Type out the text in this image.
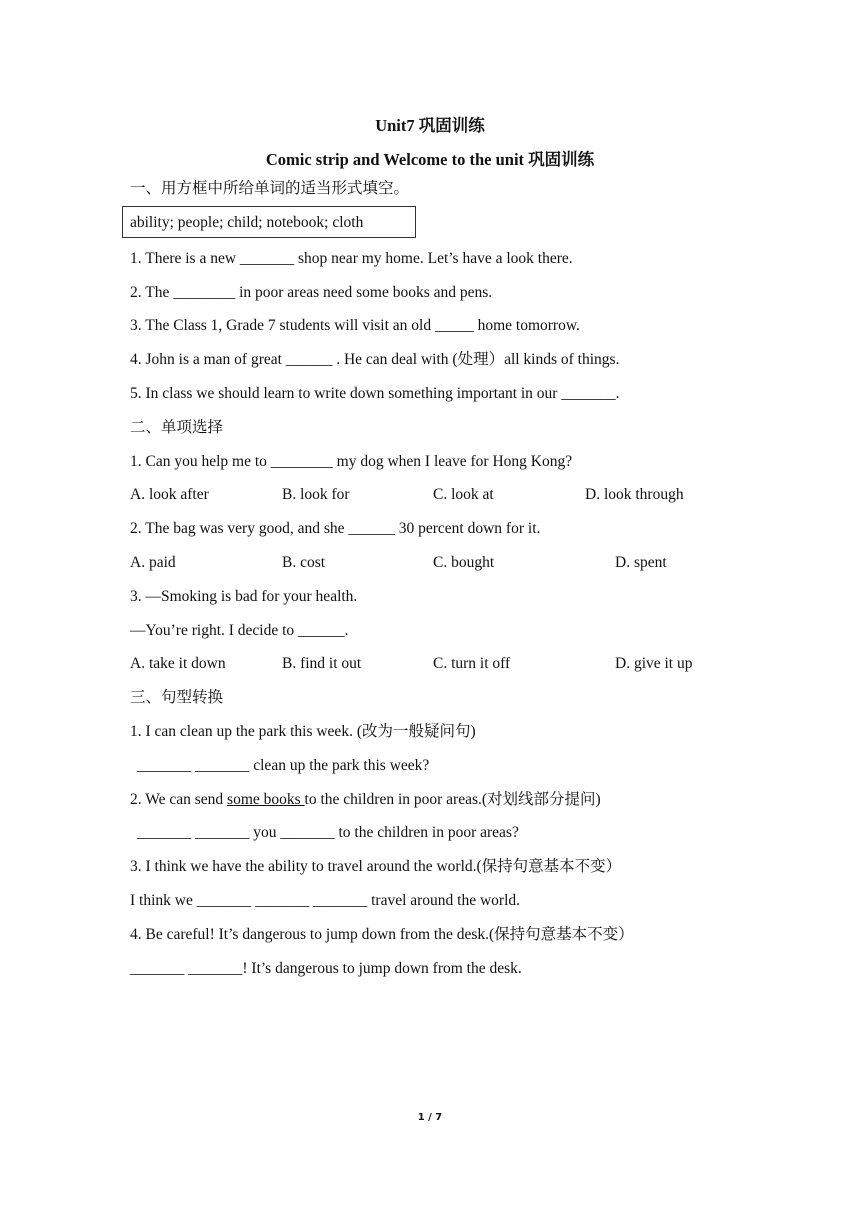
Unit7 巩固训练
Comic strip and Welcome to the unit 巩固训练
一、用方框中所给单词的适当形式填空。
ability; people; child; notebook; cloth
1. There is a new _______ shop near my home. Let’s have a look there.
2. The ________ in poor areas need some books and pens.
3. The Class 1, Grade 7 students will visit an old _____ home tomorrow.
4. John is a man of great ______ . He can deal with (处理）all kinds of things.
5. In class we should learn to write down something important in our _______.
二、单项选择
1. Can you help me to ________ my dog when I leave for Hong Kong?
A. look after	B. look for	C. look at	D. look through
2. The bag was very good, and she ______ 30 percent down for it.
A. paid	B. cost	C. bought	D. spent
3. —Smoking is bad for your health.
—You’re right. I decide to ______.
A. take it down	B. find it out	C. turn it off	D. give it up
三、句型转换
1. I can clean up the park this week. (改为一般疑问句)
_______ _______ clean up the park this week?
2. We can send some books to the children in poor areas.(对划线部分提问)
_______ _______ you _______ to the children in poor areas?
3. I think we have the ability to travel around the world.(保持句意基本不变）
I think we _______ _______ _______ travel around the world.
4. Be careful! It’s dangerous to jump down from the desk.(保持句意基本不变）
_______ _______! It’s dangerous to jump down from the desk.
1 / 7
